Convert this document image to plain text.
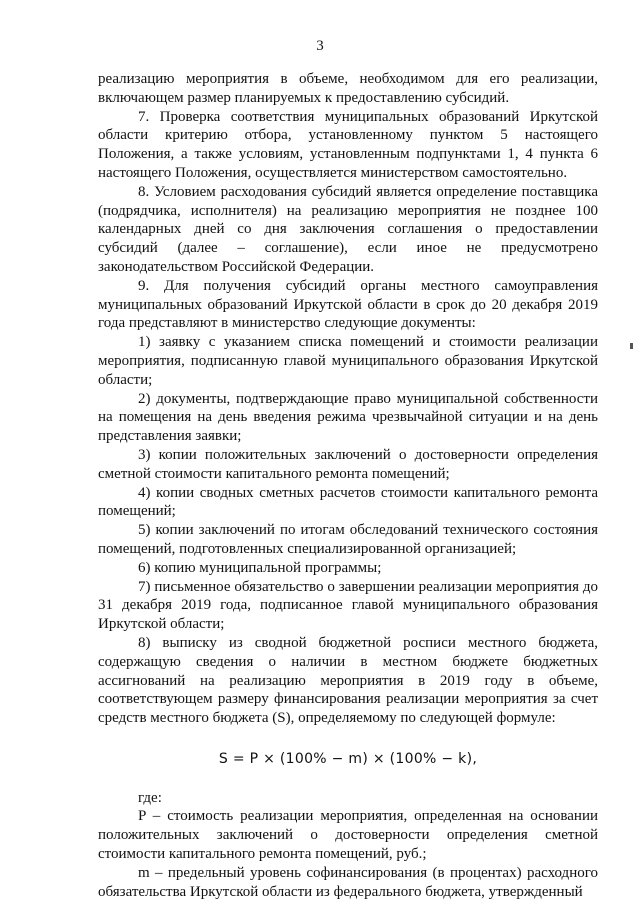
3

реализацию мероприятия в объеме, необходимом для его реализации, включающем размер планируемых к предоставлению субсидий.

7. Проверка соответствия муниципальных образований Иркутской области критерию отбора, установленному пунктом 5 настоящего Положения, а также условиям, установленным подпунктами 1, 4 пункта 6 настоящего Положения, осуществляется министерством самостоятельно.

8. Условием расходования субсидий является определение поставщика (подрядчика, исполнителя) на реализацию мероприятия не позднее 100 календарных дней со дня заключения соглашения о предоставлении субсидий (далее – соглашение), если иное не предусмотрено законодательством Российской Федерации.

9. Для получения субсидий органы местного самоуправления муниципальных образований Иркутской области в срок до 20 декабря 2019 года представляют в министерство следующие документы:

1) заявку с указанием списка помещений и стоимости реализации мероприятия, подписанную главой муниципального образования Иркутской области;

2) документы, подтверждающие право муниципальной собственности на помещения на день введения режима чрезвычайной ситуации и на день представления заявки;

3) копии положительных заключений о достоверности определения сметной стоимости капитального ремонта помещений;

4) копии сводных сметных расчетов стоимости капитального ремонта помещений;

5) копии заключений по итогам обследований технического состояния помещений, подготовленных специализированной организацией;

6) копию муниципальной программы;

7) письменное обязательство о завершении реализации мероприятия до 31 декабря 2019 года, подписанное главой муниципального образования Иркутской области;

8) выписку из сводной бюджетной росписи местного бюджета, содержащую сведения о наличии в местном бюджете бюджетных ассигнований на реализацию мероприятия в 2019 году в объеме, соответствующем размеру финансирования реализации мероприятия за счет средств местного бюджета (S), определяемому по следующей формуле:

S = P × (100% − m) × (100% − k),

где:

P – стоимость реализации мероприятия, определенная на основании положительных заключений о достоверности определения сметной стоимости капитального ремонта помещений, руб.;

m – предельный уровень софинансирования (в процентах) расходного обязательства Иркутской области из федерального бюджета, утвержденный
